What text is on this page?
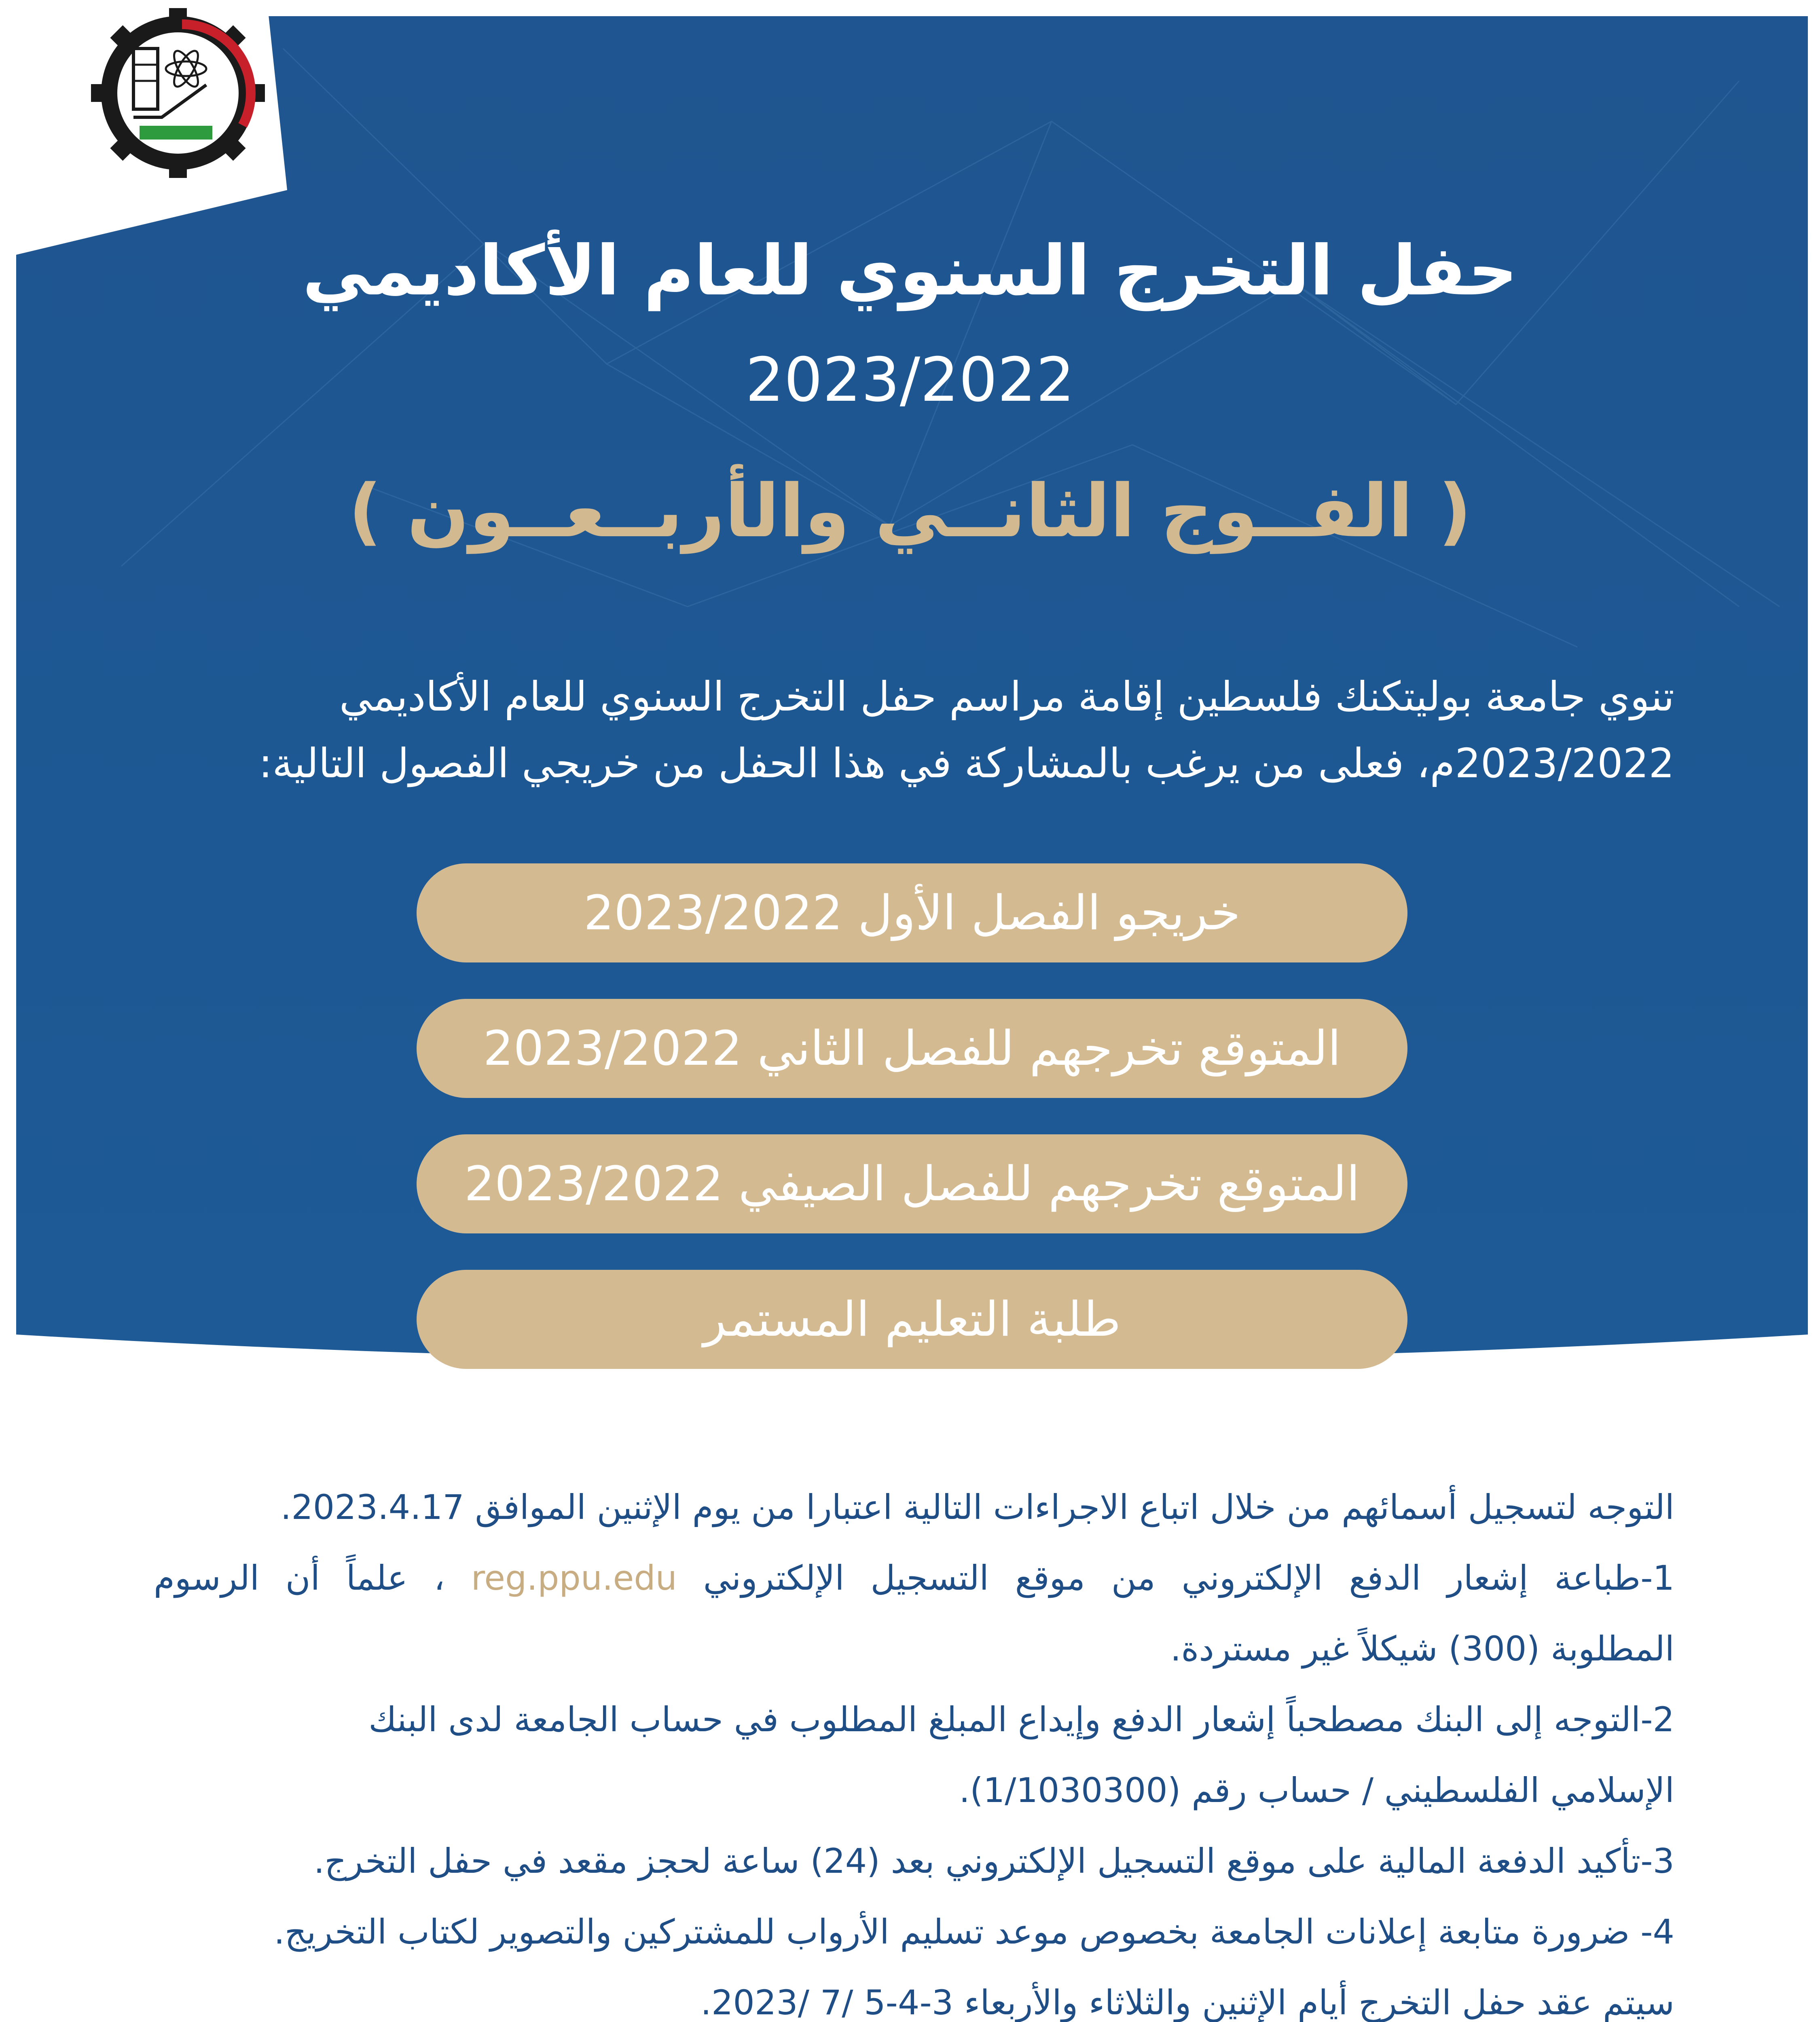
حفل التخرج السنوي للعام الأكاديمي
2023/2022
( الفــوج الثانــي والأربــعــون )

تنوي جامعة بوليتكنك فلسطين إقامة مراسم حفل التخرج السنوي للعام الأكاديمي

2023/2022م، فعلى من يرغب بالمشاركة في هذا الحفل من خريجي الفصول التالية:

خريجو الفصل الأول 2023/2022
المتوقع تخرجهم للفصل الثاني 2023/2022
المتوقع تخرجهم للفصل الصيفي 2023/2022
طلبة التعليم المستمر

التوجه لتسجيل أسمائهم من خلال اتباع الاجراءات التالية اعتبارا من يوم الإثنين الموافق 2023.4.17.

1-طباعة إشعار الدفع الإلكتروني من موقع التسجيل الإلكتروني reg.ppu.edu ، علماً أن الرسوم

المطلوبة (300) شيكلاً غير مستردة.

2-التوجه إلى البنك مصطحباً إشعار الدفع وإيداع المبلغ المطلوب في حساب الجامعة لدى البنك

الإسلامي الفلسطيني / حساب رقم (1/1030300).

3-تأكيد الدفعة المالية على موقع التسجيل الإلكتروني بعد (24) ساعة لحجز مقعد في حفل التخرج.

4- ضرورة متابعة إعلانات الجامعة بخصوص موعد تسليم الأرواب للمشتركين والتصوير لكتاب التخريج.

سيتم عقد حفل التخرج أيام الإثنين والثلاثاء والأربعاء 3-4-5 /7 /2023.
